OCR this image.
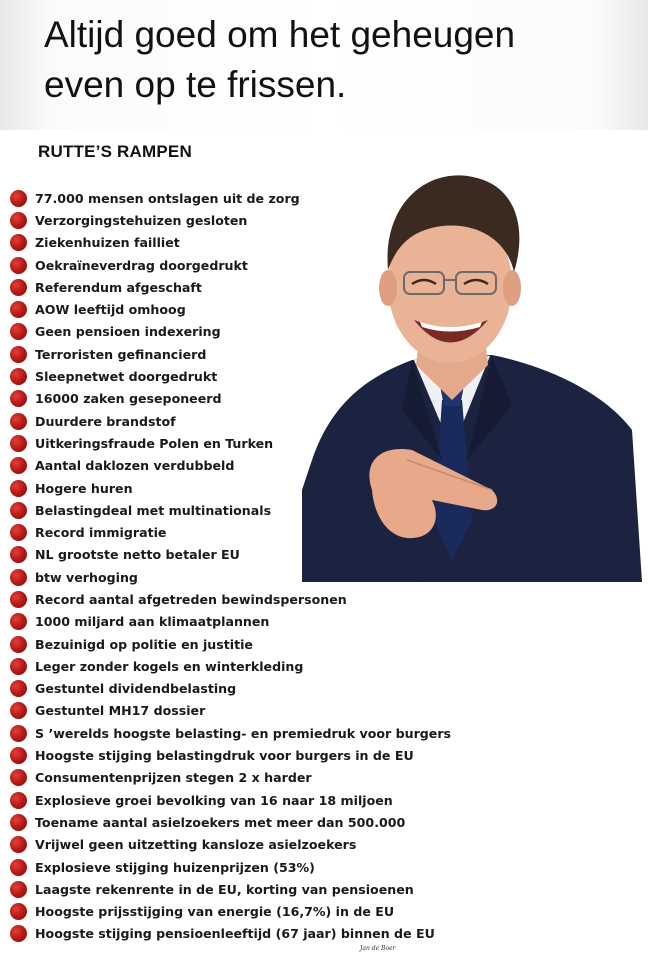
Altijd goed om het geheugen
even op te frissen.
RUTTE’S RAMPEN
77.000 mensen ontslagen uit de zorg
Verzorgingstehuizen gesloten
Ziekenhuizen failliet
Oekraïneverdrag doorgedrukt
Referendum afgeschaft
AOW leeftijd omhoog
Geen pensioen indexering
Terroristen gefinancierd
Sleepnetwet doorgedrukt
16000 zaken geseponeerd
Duurdere brandstof
Uitkeringsfraude Polen en Turken
Aantal daklozen verdubbeld
Hogere huren
Belastingdeal met multinationals
Record immigratie
NL grootste netto betaler EU
btw verhoging
Record aantal afgetreden bewindspersonen
1000 miljard aan klimaatplannen
Bezuinigd op politie en justitie
Leger zonder kogels en winterkleding
Gestuntel dividendbelasting
Gestuntel MH17 dossier
S ’werelds hoogste belasting- en premiedruk voor burgers
Hoogste stijging belastingdruk voor burgers in de EU
Consumentenprijzen stegen 2 x harder
Explosieve groei bevolking van 16 naar 18 miljoen
Toename aantal asielzoekers met meer dan 500.000
Vrijwel geen uitzetting kansloze asielzoekers
Explosieve stijging huizenprijzen (53%)
Laagste rekenrente in de EU, korting van pensioenen
Hoogste prijsstijging van energie (16,7%) in de EU
Hoogste stijging pensioenleeftijd (67 jaar) binnen de EU
Jan de Boer
